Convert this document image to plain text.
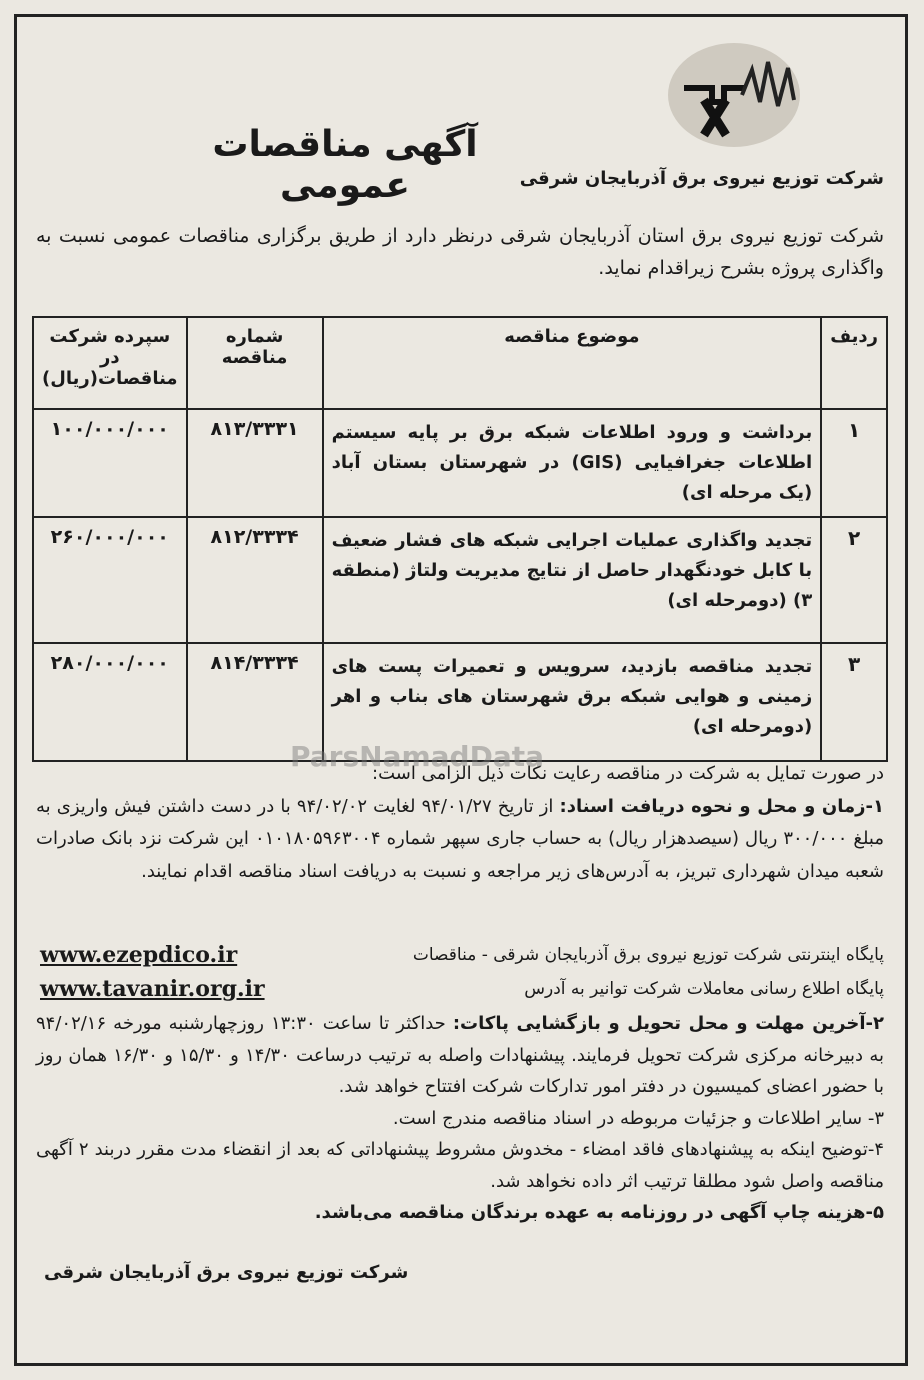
آگهی مناقصات عمومی	شرکت توزیع نیروی برق آذربایجان شرقی
شرکت توزیع نیروی برق استان آذربایجان شرقی درنظر دارد از طریق برگزاری مناقصات عمومی نسبت به واگذاری پروژه بشرح زیراقدام نماید.
ردیف	موضوع مناقصه	شماره مناقصه	سپرده شرکت در مناقصات(ریال)
۱	برداشت و ورود اطلاعات شبکه برق بر پایه سیستم اطلاعات جغرافیایی (GIS) در شهرستان بستان آباد (یک مرحله ای)	۸۱۳/۳۳۳۱	۱۰۰/۰۰۰/۰۰۰
۲	تجدید واگذاری عملیات اجرایی شبکه های فشار ضعیف با کابل خودنگهدار حاصل از نتایج مدیریت ولتاژ (منطقه ۳) (دومرحله ای)	۸۱۲/۳۳۳۴	۲۶۰/۰۰۰/۰۰۰
۳	تجدید مناقصه بازدید، سرویس و تعمیرات پست های زمینی و هوایی شبکه برق شهرستان های بناب و اهر (دومرحله ای)	۸۱۴/۳۳۳۴	۲۸۰/۰۰۰/۰۰۰

در صورت تمایل به شرکت در مناقصه رعایت نکات ذیل الزامی است:

۱-زمان و محل و نحوه دریافت اسناد: از تاریخ ۹۴/۰۱/۲۷ لغایت ۹۴/۰۲/۰۲ با در دست داشتن فیش واریزی به مبلغ ۳۰۰/۰۰۰ ریال (سیصدهزار ریال) به حساب جاری سپهر شماره ۰۱۰۱۸۰۵۹۶۳۰۰۴ این شرکت نزد بانک صادرات شعبه میدان شهرداری تبریز، به آدرس‌های زیر مراجعه و نسبت به دریافت اسناد مناقصه اقدام نمایند.

ParsNamadData
پایگاه اینترنتی شرکت توزیع نیروی برق آذربایجان شرقی - مناقصات
www.ezepdico.ir
پایگاه اطلاع رسانی معاملات شرکت توانیر به آدرس
www.tavanir.org.ir

۲-آخرین مهلت و محل تحویل و بازگشایی پاکات: حداکثر تا ساعت ۱۳:۳۰ روزچهارشنبه مورخه ۹۴/۰۲/۱۶ به دبیرخانه مرکزی شرکت تحویل فرمایند. پیشنهادات واصله به ترتیب درساعت ۱۴/۳۰ و ۱۵/۳۰ و ۱۶/۳۰ همان روز با حضور اعضای کمیسیون در دفتر امور تدارکات شرکت افتتاح خواهد شد.

۳- سایر اطلاعات و جزئیات مربوطه در اسناد مناقصه مندرج است.

۴-توضیح اینکه به پیشنهادهای فاقد امضاء - مخدوش مشروط پیشنهاداتی که بعد از انقضاء مدت مقرر دربند ۲ آگهی مناقصه واصل شود مطلقا ترتیب اثر داده نخواهد شد.

۵-هزینه چاپ آگهی در روزنامه به عهده برندگان مناقصه می‌باشد.

شرکت توزیع نیروی برق آذربایجان شرقی
